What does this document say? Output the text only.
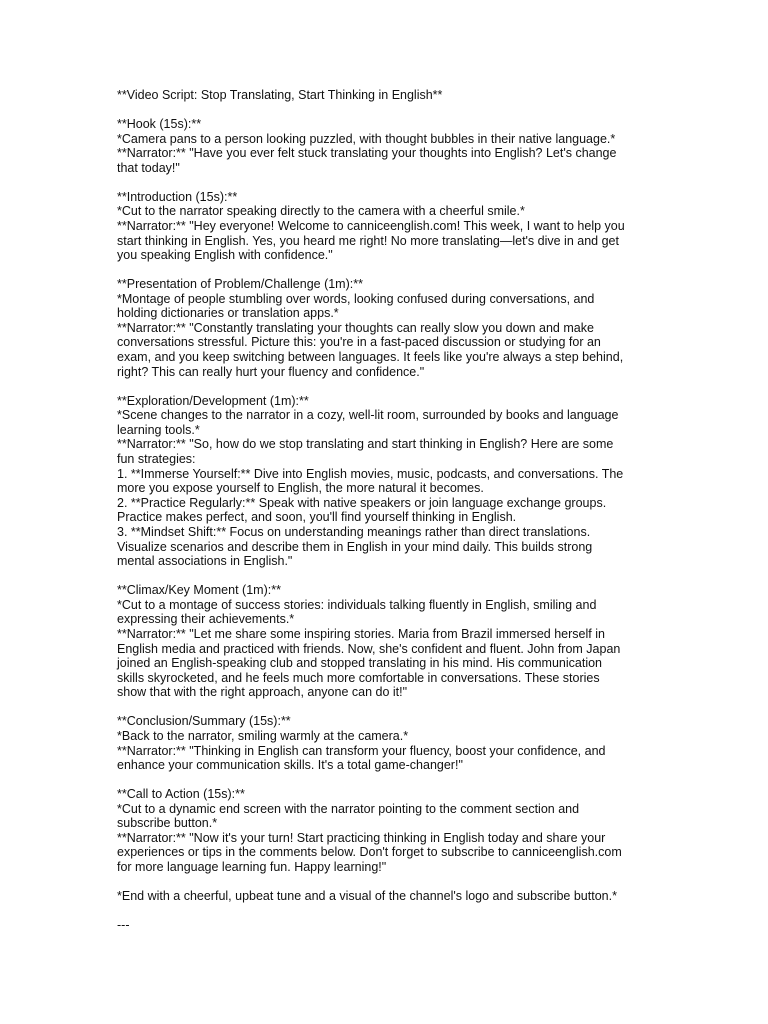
**Video Script: Stop Translating, Start Thinking in English**
**Hook (15s):**
*Camera pans to a person looking puzzled, with thought bubbles in their native language.*
**Narrator:** "Have you ever felt stuck translating your thoughts into English? Let's change
that today!"
**Introduction (15s):**
*Cut to the narrator speaking directly to the camera with a cheerful smile.*
**Narrator:** "Hey everyone! Welcome to canniceenglish.com! This week, I want to help you
start thinking in English. Yes, you heard me right! No more translating—let's dive in and get
you speaking English with confidence."
**Presentation of Problem/Challenge (1m):**
*Montage of people stumbling over words, looking confused during conversations, and
holding dictionaries or translation apps.*
**Narrator:** "Constantly translating your thoughts can really slow you down and make
conversations stressful. Picture this: you're in a fast-paced discussion or studying for an
exam, and you keep switching between languages. It feels like you're always a step behind,
right? This can really hurt your fluency and confidence."
**Exploration/Development (1m):**
*Scene changes to the narrator in a cozy, well-lit room, surrounded by books and language
learning tools.*
**Narrator:** "So, how do we stop translating and start thinking in English? Here are some
fun strategies:
1. **Immerse Yourself:** Dive into English movies, music, podcasts, and conversations. The
more you expose yourself to English, the more natural it becomes.
2. **Practice Regularly:** Speak with native speakers or join language exchange groups.
Practice makes perfect, and soon, you'll find yourself thinking in English.
3. **Mindset Shift:** Focus on understanding meanings rather than direct translations.
Visualize scenarios and describe them in English in your mind daily. This builds strong
mental associations in English."
**Climax/Key Moment (1m):**
*Cut to a montage of success stories: individuals talking fluently in English, smiling and
expressing their achievements.*
**Narrator:** "Let me share some inspiring stories. Maria from Brazil immersed herself in
English media and practiced with friends. Now, she's confident and fluent. John from Japan
joined an English-speaking club and stopped translating in his mind. His communication
skills skyrocketed, and he feels much more comfortable in conversations. These stories
show that with the right approach, anyone can do it!"
**Conclusion/Summary (15s):**
*Back to the narrator, smiling warmly at the camera.*
**Narrator:** "Thinking in English can transform your fluency, boost your confidence, and
enhance your communication skills. It's a total game-changer!"
**Call to Action (15s):**
*Cut to a dynamic end screen with the narrator pointing to the comment section and
subscribe button.*
**Narrator:** "Now it's your turn! Start practicing thinking in English today and share your
experiences or tips in the comments below. Don't forget to subscribe to canniceenglish.com
for more language learning fun. Happy learning!"
*End with a cheerful, upbeat tune and a visual of the channel's logo and subscribe button.*
---
